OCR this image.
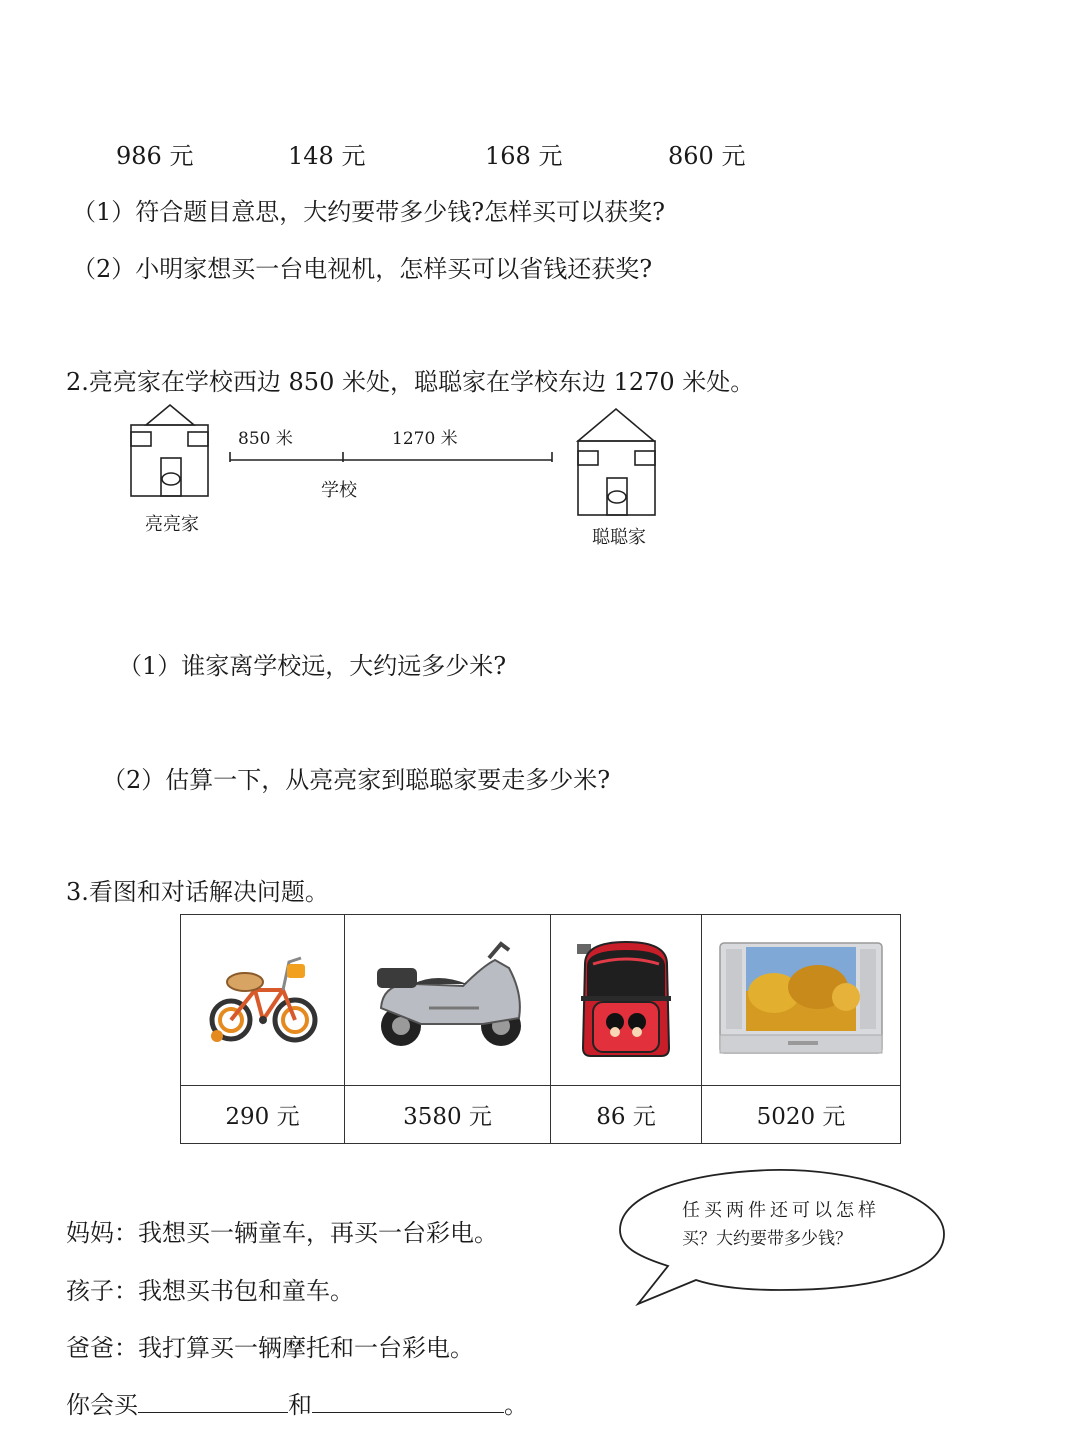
986 元	148 元	168 元	860 元
（1）符合题目意思，大约要带多少钱?怎样买可以获奖?
（2）小明家想买一台电视机，怎样买可以省钱还获奖?
2.亮亮家在学校西边 850 米处，聪聪家在学校东边 1270 米处。
850 米	1270 米
学校
亮亮家
聪聪家
（1）谁家离学校远，大约远多少米?
（2）估算一下，从亮亮家到聪聪家要走多少米?
3.看图和对话解决问题。

290 元	3580 元	86 元	5020 元
任买两件还可以怎样
买？大约要带多少钱？
妈妈：我想买一辆童车，再买一台彩电。
孩子：我想买书包和童车。
爸爸：我打算买一辆摩托和一台彩电。
你会买	和	。
